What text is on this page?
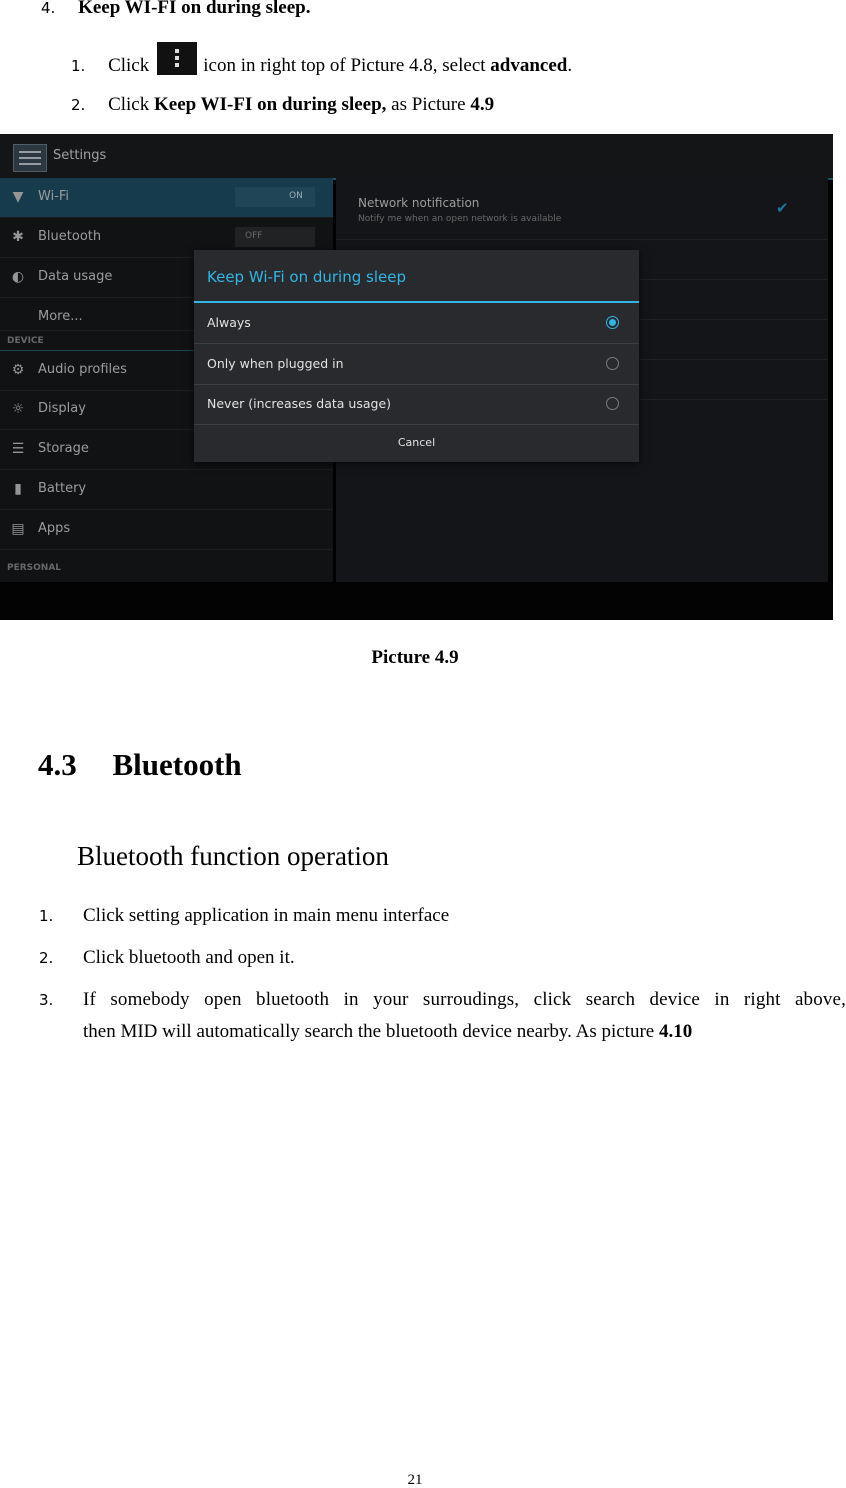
4. Keep WI-FI on during sleep.
1. Click	icon in right top of Picture 4.8, select advanced.
2. Click Keep WI-FI on during sleep, as Picture 4.9
Settings
▼ Wi-Fi	ON
✱ Bluetooth	OFF
◐ Data usage
More...
DEVICE
⚙ Audio profiles
☼ Display
☰ Storage
▮	Battery
▤ Apps
PERSONAL
Network notification
Notify me when an open network is available
✔
Keep Wi-Fi on during sleep
Always
Only when plugged in
Never (increases data usage)
Cancel
Picture 4.9
4.3 Bluetooth
Bluetooth function operation
1. Click setting application in main menu interface
2. Click bluetooth and open it.
3. If somebody open bluetooth in your surroudings, click search device in right above,
then MID will automatically search the bluetooth device nearby. As picture 4.10
21
